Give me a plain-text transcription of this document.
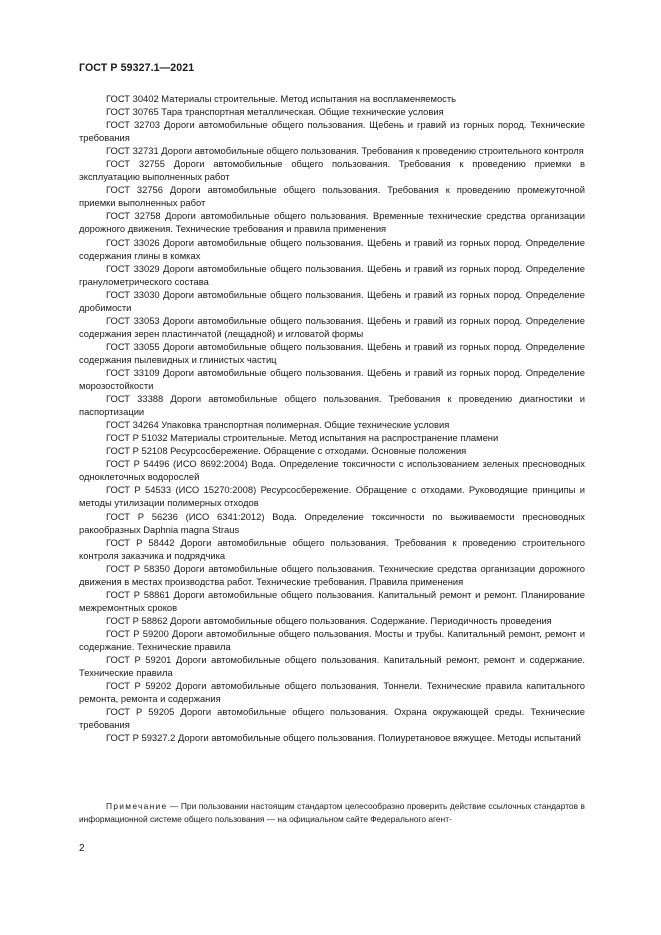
ГОСТ Р 59327.1—2021

ГОСТ 30402 Материалы строительные. Метод испытания на воспламеняемость

ГОСТ 30765 Тара транспортная металлическая. Общие технические условия

ГОСТ 32703 Дороги автомобильные общего пользования. Щебень и гравий из горных пород. Технические требования

ГОСТ 32731 Дороги автомобильные общего пользования. Требования к проведению строительного контроля

ГОСТ 32755 Дороги автомобильные общего пользования. Требования к проведению приемки в эксплуатацию выполненных работ

ГОСТ 32756 Дороги автомобильные общего пользования. Требования к проведению промежуточной приемки выполненных работ

ГОСТ 32758 Дороги автомобильные общего пользования. Временные технические средства организации дорожного движения. Технические требования и правила применения

ГОСТ 33026 Дороги автомобильные общего пользования. Щебень и гравий из горных пород. Определение содержания глины в комках

ГОСТ 33029 Дороги автомобильные общего пользования. Щебень и гравий из горных пород. Определение гранулометрического состава

ГОСТ 33030 Дороги автомобильные общего пользования. Щебень и гравий из горных пород. Определение дробимости

ГОСТ 33053 Дороги автомобильные общего пользования. Щебень и гравий из горных пород. Определение содержания зерен пластинчатой (лещадной) и игловатой формы

ГОСТ 33055 Дороги автомобильные общего пользования. Щебень и гравий из горных пород. Определение содержания пылевидных и глинистых частиц

ГОСТ 33109 Дороги автомобильные общего пользования. Щебень и гравий из горных пород. Определение морозостойкости

ГОСТ 33388 Дороги автомобильные общего пользования. Требования к проведению диагностики и паспортизации

ГОСТ 34264 Упаковка транспортная полимерная. Общие технические условия

ГОСТ Р 51032 Материалы строительные. Метод испытания на распространение пламени

ГОСТ Р 52108 Ресурсосбережение. Обращение с отходами. Основные положения

ГОСТ Р 54496 (ИСО 8692:2004) Вода. Определение токсичности с использованием зеленых пресноводных одноклеточных водорослей

ГОСТ Р 54533 (ИСО 15270:2008) Ресурсосбережение. Обращение с отходами. Руководящие принципы и методы утилизации полимерных отходов

ГОСТ Р 56236 (ИСО 6341:2012) Вода. Определение токсичности по выживаемости пресноводных ракообразных Daphnia magna Straus

ГОСТ Р 58442 Дороги автомобильные общего пользования. Требования к проведению строительного контроля заказчика и подрядчика

ГОСТ Р 58350 Дороги автомобильные общего пользования. Технические средства организации дорожного движения в местах производства работ. Технические требования. Правила применения

ГОСТ Р 58861 Дороги автомобильные общего пользования. Капитальный ремонт и ремонт. Планирование межремонтных сроков

ГОСТ Р 58862 Дороги автомобильные общего пользования. Содержание. Периодичность проведения

ГОСТ Р 59200 Дороги автомобильные общего пользования. Мосты и трубы. Капитальный ремонт, ремонт и содержание. Технические правила

ГОСТ Р 59201 Дороги автомобильные общего пользования. Капитальный ремонт, ремонт и содержание. Технические правила

ГОСТ Р 59202 Дороги автомобильные общего пользования. Тоннели. Технические правила капитального ремонта, ремонта и содержания

ГОСТ Р 59205 Дороги автомобильные общего пользования. Охрана окружающей среды. Технические требования

ГОСТ Р 59327.2 Дороги автомобильные общего пользования. Полиуретановое вяжущее. Методы испытаний

Примечание — При пользовании настоящим стандартом целесообразно проверить действие ссылочных стандартов в информационной системе общего пользования — на официальном сайте Федерального агент-
2
